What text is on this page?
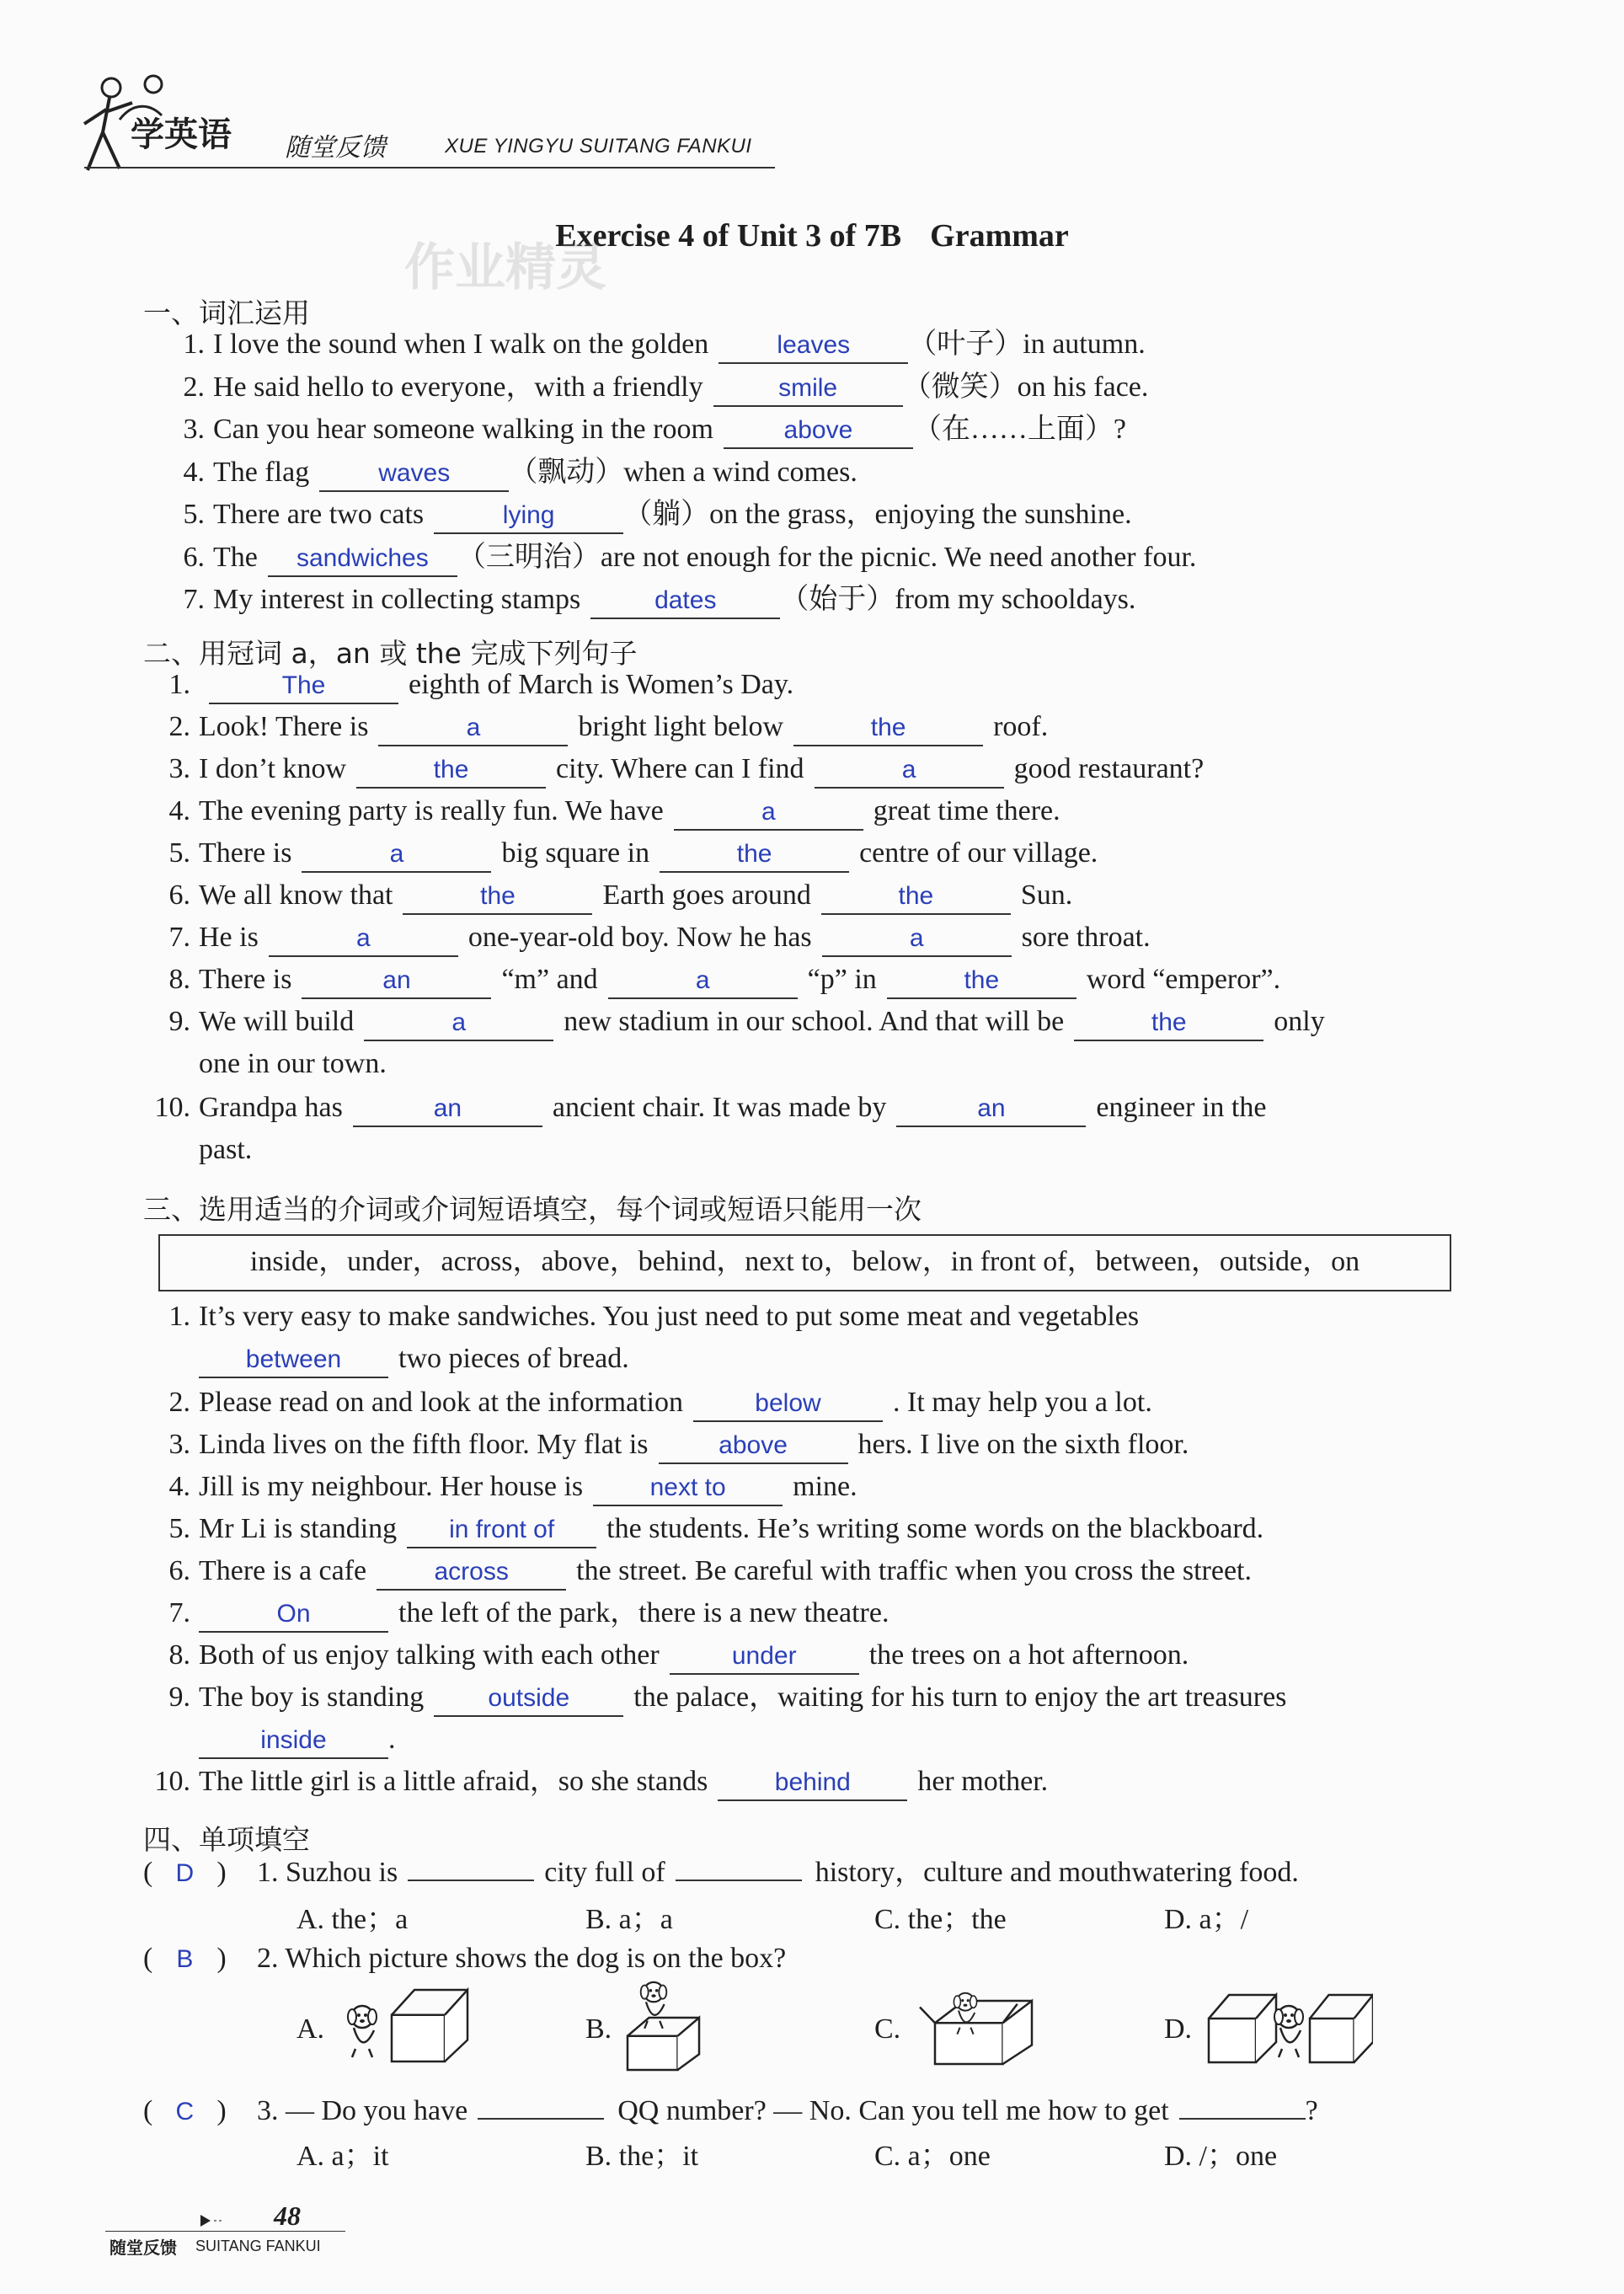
学英语 随堂反馈	XUE YINGYU SUITANG FANKUI
Exercise 4 of Unit 3 of 7B Grammar
作业精灵
一、词汇运用
1. I love the sound when I walk on the golden	leaves （叶子）in autumn.
2. He said hello to everyone，with a friendly	smile （微笑）on his face.
3. Can you hear someone walking in the room	above （在……上面）?
4. The flag	waves （飘动）when a wind comes.
5. There are two cats	lying （躺）on the grass，enjoying the sunshine.
6. The sandwiches （三明治）are not enough for the picnic. We need another four.
7. My interest in collecting stamps	dates （始于）from my schooldays.
二、用冠词 a，an 或 the 完成下列句子
1.	The	eighth of March is Women’s Day.
2. Look! There is	a	bright light below	the	roof.
3. I don’t know	the	city. Where can I find	a	good restaurant?
4. The evening party is really fun. We have	a	great time there.
5. There is	a	big square in	the	centre of our village.
6. We all know that	the	Earth goes around	the	Sun.
7. He is	a	one-year-old boy. Now he has	a	sore throat.
8. There is	an	“m” and	a	“p” in	the	word “emperor”.
9. We will build	a	new stadium in our school. And that will be	the	only
one in our town.
10. Grandpa has	an	ancient chair. It was made by	an	engineer in the
past.
三、选用适当的介词或介词短语填空，每个词或短语只能用一次
inside，under，across，above，behind，next to，below，in front of，between，outside，on
1. It’s very easy to make sandwiches. You just need to put some meat and vegetables
between two pieces of bread.
2. Please read on and look at the information	below	. It may help you a lot.
3. Linda lives on the fifth floor. My flat is	above hers. I live on the sixth floor.
4. Jill is my neighbour. Her house is	next to mine.
5. Mr Li is standing in front of the students. He’s writing some words on the blackboard.
6. There is a cafe	across the street. Be careful with traffic when you cross the street.
7.	On	the left of the park，there is a new theatre.
8. Both of us enjoy talking with each other	under	the trees on a hot afternoon.
9. The boy is standing	outside the palace，waiting for his turn to enjoy the art treasures
inside .
10. The little girl is a little afraid，so she stands	behind her mother.
四、单项填空
( D ) 1. Suzhou is	city full of	history，culture and mouthwatering food.
A. the；a	B. a；a	C. the；the	D. a；/
( B ) 2. Which picture shows the dog is on the box?
A.	B.	C.	D.
( C ) 3. — Do you have	QQ number? — No. Can you tell me how to get	?
A. a；it	B. the；it	C. a；one	D. /；one
48
随堂反馈 SUITANG FANKUI
